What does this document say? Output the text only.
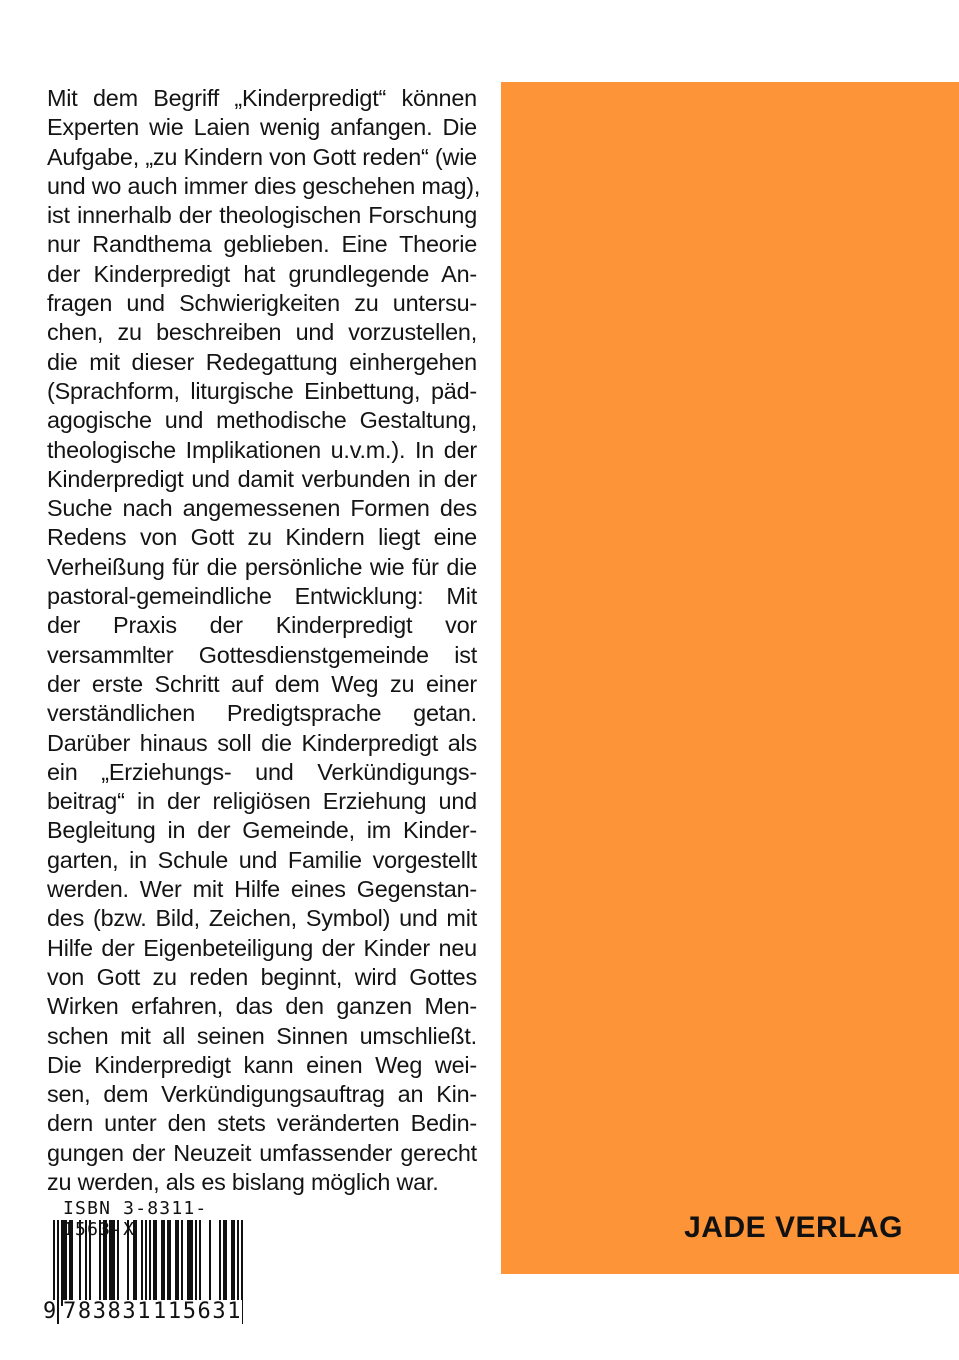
Mit dem Begriff „Kinderpredigt“ können
Experten wie Laien wenig anfangen. Die
Aufgabe, „zu Kindern von Gott reden“ (wie
und wo auch immer dies geschehen mag),
ist innerhalb der theologischen Forschung
nur Randthema geblieben. Eine Theorie
der Kinderpredigt hat grundlegende An-
fragen und Schwierigkeiten zu untersu-
chen, zu beschreiben und vorzustellen,
die mit dieser Redegattung einhergehen
(Sprachform, liturgische Einbettung, päd-
agogische und methodische Gestaltung,
theologische Implikationen u.v.m.). In der
Kinderpredigt und damit verbunden in der
Suche nach angemessenen Formen des
Redens von Gott zu Kindern liegt eine
Verheißung für die persönliche wie für die
pastoral-gemeindliche Entwicklung: Mit
der Praxis der Kinderpredigt vor
versammlter Gottesdienstgemeinde ist
der erste Schritt auf dem Weg zu einer
verständlichen Predigtsprache getan.
Darüber hinaus soll die Kinderpredigt als
ein „Erziehungs- und Verkündigungs-
beitrag“ in der religiösen Erziehung und
Begleitung in der Gemeinde, im Kinder-
garten, in Schule und Familie vorgestellt
werden. Wer mit Hilfe eines Gegenstan-
des (bzw. Bild, Zeichen, Symbol) und mit
Hilfe der Eigenbeteiligung der Kinder neu
von Gott zu reden beginnt, wird Gottes
Wirken erfahren, das den ganzen Men-
schen mit all seinen Sinnen umschließt.
Die Kinderpredigt kann einen Weg wei-
sen, dem Verkündigungsauftrag an Kin-
dern unter den stets veränderten Bedin-
gungen der Neuzeit umfassender gerecht
zu werden, als es bislang möglich war.
JADE VERLAG
ISBN 3-8311-156 -X
9 783831 115631
